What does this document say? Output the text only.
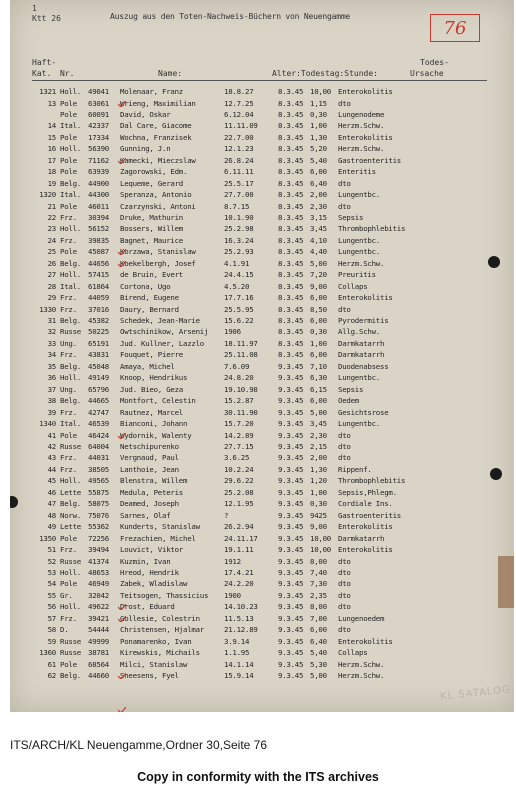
1
Ktt 26	Auszug aus den Toten-Nachweis-Büchern von Neuengamme
76
Haft-
Kat. Nr.	Name:	Alter:Todestag:Stunde:
Todes-
Ursache
1321 Holl. 49041	Molenaar, Franz	18.8.27	8.3.45 10,00 Enterokolitis
13 Pole	63061	Wrieng, Maximilian	12.7.25	8.3.45 1,15	dto
Pole	60091	David, Oskar	6.12.04	8.3.45 0,30	Lungenodeme
14 Ital. 42337	Dal Care, Giacome	11.11.09	8.3.45 1,00	Herzm.Schw.
15 Pole	17334	Wochna, Franzisek	22.7.00	8.3.45 1,30	Enterokolitis
16 Holl. 56390	Gunning, J.n	12.1.23	8.3.45 5,20	Herzm.Schw.
17 Pole	71162	Kamecki, Mieczslaw	26.8.24	8.3.45 5,40	Gastroenteritis
18 Pole	63939	Zagorowski, Edm.	6.11.11	8.3.45 6,00	Enteritis
19 Belg. 44900	Lequeme, Gerard	25.5.17	8.3.45 6,40	dto
1320 Ital. 44300	Speranza, Antonio	27.7.00	8.3.45 2,00	Lungentbc.
21 Pole	46011	Czarzynski, Antoni	8.7.15	8.3.45 2,30	dto
22 Frz.	30394	Druke, Mathurin	10.1.90	8.3.45 3,15	Sepsis
23 Holl. 56152	Bossers, Willem	25.2.98	8.3.45 3,45	Thrombophlebitis
24 Frz.	39835	Bagnet, Maurice	16.3.24	8.3.45 4,10	Lungentbc.
25 Pole	45087	Korzawa, Stanislaw	25.2.93	8.3.45 4,40	Lungentbc.
26 Belg. 44656	Koekelbergh, Josef	4.1.91	8.3.45 5,00	Herzm.Schw.
27 Holl. 57415	de Bruin, Evert	24.4.15	8.3.45 7,20	Preuritis
28 Ital. 61864	Cortona, Ugo	4.5.20	8.3.45 9,00	Collaps
29 Frz.	44059	Birend, Eugene	17.7.16	8.3.45 6,00	Enterokolitis
1330 Frz.	37016	Daury, Bernard	25.5.95	8.3.45 8,50	dto
31 Belg. 45382	Schedek, Jean-Marie	15.6.22	8.3.45 6,00	Pyrodermitis
32 Russe 50225	Owtschinikow, Arsenij	1906	8.3.45 0,30	Allg.Schw.
33 Ung.	65191	Jud. Kullner, Lazzlo	18.11.97	8.3.45 1,00	Darmkatarrh
34 Frz.	43831	Fouquet, Pierre	25.11.08	8.3.45 6,00	Darmkatarrh
35 Belg. 45048	Amaya, Michel	7.6.09	9.3.45 7,10	Duodenabsess
36 Holl. 49149	Knoop, Hendrikus	24.8.20	9.3.45 6,30	Lungentbc.
37 Ung.	65796	Jud. Bieo, Geza	19.10.98	9.3.45 6,15	Sepsis
38 Belg. 44665	Montfort, Celestin	15.2.87	9.3.45 6,00	Oedem
39 Frz.	42747	Rautnez, Marcel	30.11.90	9.3.45 5,00	Gesichtsrose
1340 Ital. 46539	Bianconi, Johann	15.7.20	9.3.45 3,45	Lungentbc.
41 Pole	46424	Wydornik, Walenty	14.2.89	9.3.45 2,30	dto
42 Russe 64004	Netschipurenko	27.7.15	9.3.45 2,15	dto
43 Frz.	44031	Vergnaud, Paul	3.6.25	9.3.45 2,00	dto
44 Frz.	38505	Lanthoie, Jean	10.2.24	9.3.45 1,30	Rippenf.
45 Holl. 49565	Blenstra, Willem	29.6.22	9.3.45 1,20	Thrombophlebitis
46 Lette 55875	Medula, Peteris	25.2.08	9.3.45 1,00	Sepsis,Phlegm.
47 Belg. 58075	Deamed, Joseph	12.1.95	9.3.45 0,30	Cordiale Ins.
48 Norw. 75076	Sarnes, Olaf	?	9.3.45 9425	Gastroenteritis
49 Lette 55362	Kunderts, Stanislaw	26.2.94	9.3.45 9,00	Enterokolitis
1350 Pole	72256	Frezachien, Michel	24.11.17	9.3.45 10,00 Darmkatarrh
51 Frz.	39494	Louvict, Viktor	19.1.11	9.3.45 10,00 Enterokolitis
52 Russe 41374	Kuzmin, Ivan	1912	9.3.45 8,00	dto
53 Holl. 48653	Hreod, Hendrik	17.4.21	9.3.45 7,40	dto
54 Pole	46949	Zabek, Wladislaw	24.2.20	9.3.45 7,30	dto
55 Gr.	32042	Teitsogen, Thassicius	1900	9.3.45 2,35	dto
56 Holl. 49622	Drost, Eduard	14.10.23	9.3.45 8,00	dto
57 Frz.	39421	Gollesie, Colestrin	11.5.13	9.3.45 7,00	Lungenoedem
58 D.	54444	Christensen, Hjalmar	21.12.89	9.3.45 6,00	dto
59 Russe 49999	Ponamarenko, Ivan	3.9.14	9.3.45 6,40	Enterokolitis
1360 Russe 38781	Kirewskis, Michails	1.1.95	9.3.45 5,40	Collaps
61 Pole	68564	Milci, Stanislaw	14.1.14	9.3.45 5,30	Herzm.Schw.
62 Belg. 44660	Sneesens, Fyel	15.9.14	9.3.45 5,00	Herzm.Schw.
KL SATALOG
ITS/ARCH/KL Neuengamme,Ordner 30,Seite 76
Copy in conformity with the ITS archives
